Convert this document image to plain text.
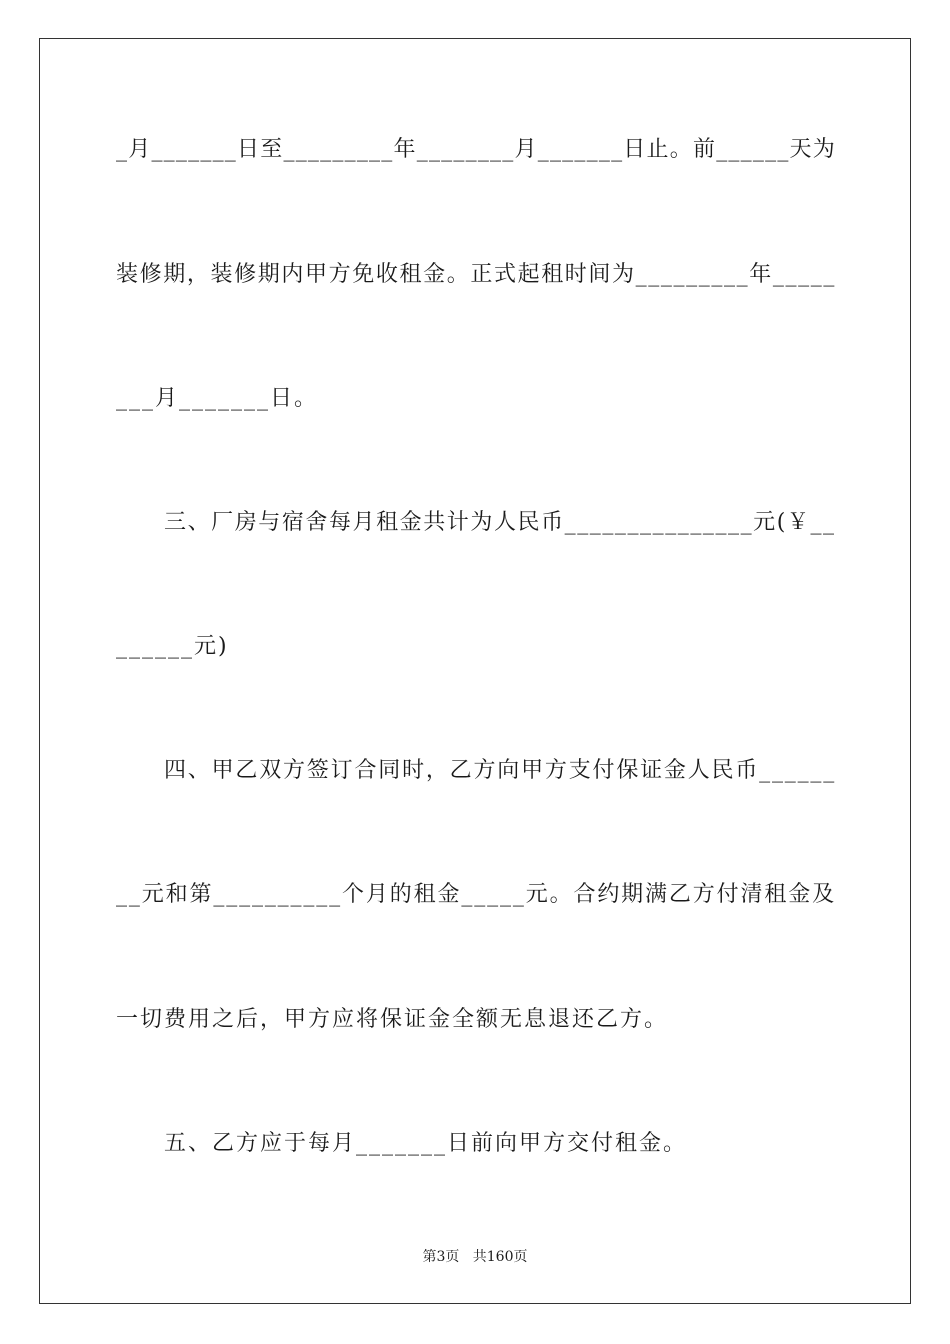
_月_______日至_________年________月_______日止。前______天为
装修期，装修期内甲方免收租金。正式起租时间为_________年_____
___月_______日。
三、厂房与宿舍每月租金共计为人民币_______________元(￥__
______元)
四、甲乙双方签订合同时，乙方向甲方支付保证金人民币______
__元和第__________个月的租金_____元。合约期满乙方付清租金及
一切费用之后，甲方应将保证金全额无息退还乙方。
五、乙方应于每月_______日前向甲方交付租金。
第3页   共160页
